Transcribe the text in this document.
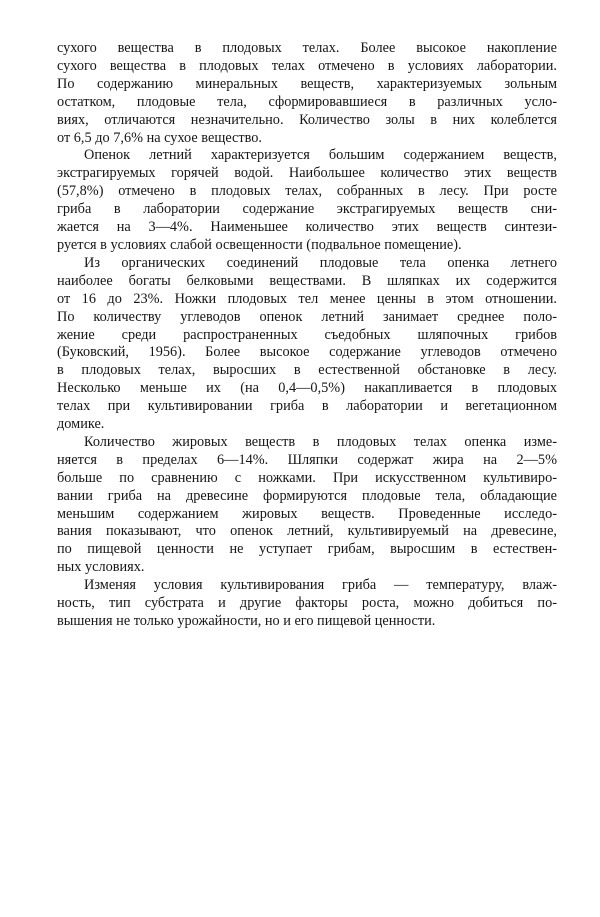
сухого вещества в плодовых телах. Более высокое накопление
сухого вещества в плодовых телах отмечено в условиях лаборатории.
По содержанию минеральных веществ, характеризуемых зольным
остатком, плодовые тела, сформировавшиеся в различных усло-
виях, отличаются незначительно. Количество золы в них колеблется
от 6,5 до 7,6% на сухое вещество.
Опенок летний характеризуется большим содержанием веществ,
экстрагируемых горячей водой. Наибольшее количество этих веществ
(57,8%) отмечено в плодовых телах, собранных в лесу. При росте
гриба в лаборатории содержание экстрагируемых веществ сни-
жается на 3—4%. Наименьшее количество этих веществ синтези-
руется в условиях слабой освещенности (подвальное помещение).
Из органических соединений плодовые тела опенка летнего
наиболее богаты белковыми веществами. В шляпках их содержится
от 16 до 23%. Ножки плодовых тел менее ценны в этом отношении.
По количеству углеводов опенок летний занимает среднее поло-
жение среди распространенных съедобных шляпочных грибов
(Буковский, 1956). Более высокое содержание углеводов отмечено
в плодовых телах, выросших в естественной обстановке в лесу.
Несколько меньше их (на 0,4—0,5%) накапливается в плодовых
телах при культивировании гриба в лаборатории и вегетационном
домике.
Количество жировых веществ в плодовых телах опенка изме-
няется в пределах 6—14%. Шляпки содержат жира на 2—5%
больше по сравнению с ножками. При искусственном культивиро-
вании гриба на древесине формируются плодовые тела, обладающие
меньшим содержанием жировых веществ. Проведенные исследо-
вания показывают, что опенок летний, культивируемый на древесине,
по пищевой ценности не уступает грибам, выросшим в естествен-
ных условиях.
Изменяя условия культивирования гриба — температуру, влаж-
ность, тип субстрата и другие факторы роста, можно добиться по-
вышения не только урожайности, но и его пищевой ценности.
